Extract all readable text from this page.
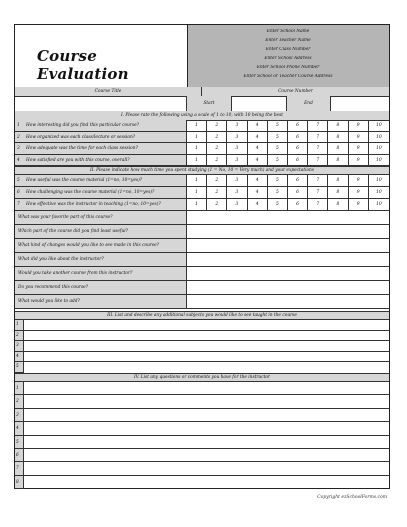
Course Evaluation
Enter School Name
Enter Teacher Name
Enter Class Number
Enter School Address
Enter School Phone Number
Enter School or Teacher Course Address
Course Title	Course Number
Start	End
I. Please rate the following using a scale of 1 to 10, with 10 being the best
1 How interesting did you find this particular course?	1	2	3	4	5	6	7	8	9	10
2 How organized was each class/lecture or session?	1	2	3	4	5	6	7	8	9	10
3 How adequate was the time for each class session?	1	2	3	4	5	6	7	8	9	10
4 How satisfied are you with this course, overall?	1	2	3	4	5	6	7	8	9	10
II. Please indicate how much time you spent studying (1 = No, 10 = Very much) and your expectations
5 How useful was the course material (1=no, 10=yes)?	1	2	3	4	5	6	7	8	9	10
6 How challenging was the course material (1=no, 10=yes)?	1	2	3	4	5	6	7	8	9	10
7 How effective was the instructor in teaching (1=no, 10=yes)?	1	2	3	4	5	6	7	8	9	10
What was your favorite part of this course?
Which part of the course did you find least useful?
What kind of changes would you like to see made in this course?
What did you like about the instructor?
Would you take another course from this instructor?
Do you recommend this course?
What would you like to add?
III. List and describe any additional subjects you would like to see taught in the course
1
2
3
4
5
IV. List any questions or comments you have for the instructor
1
2
3
4
5
6
7
8
Copyright ezSchoolForms.com
